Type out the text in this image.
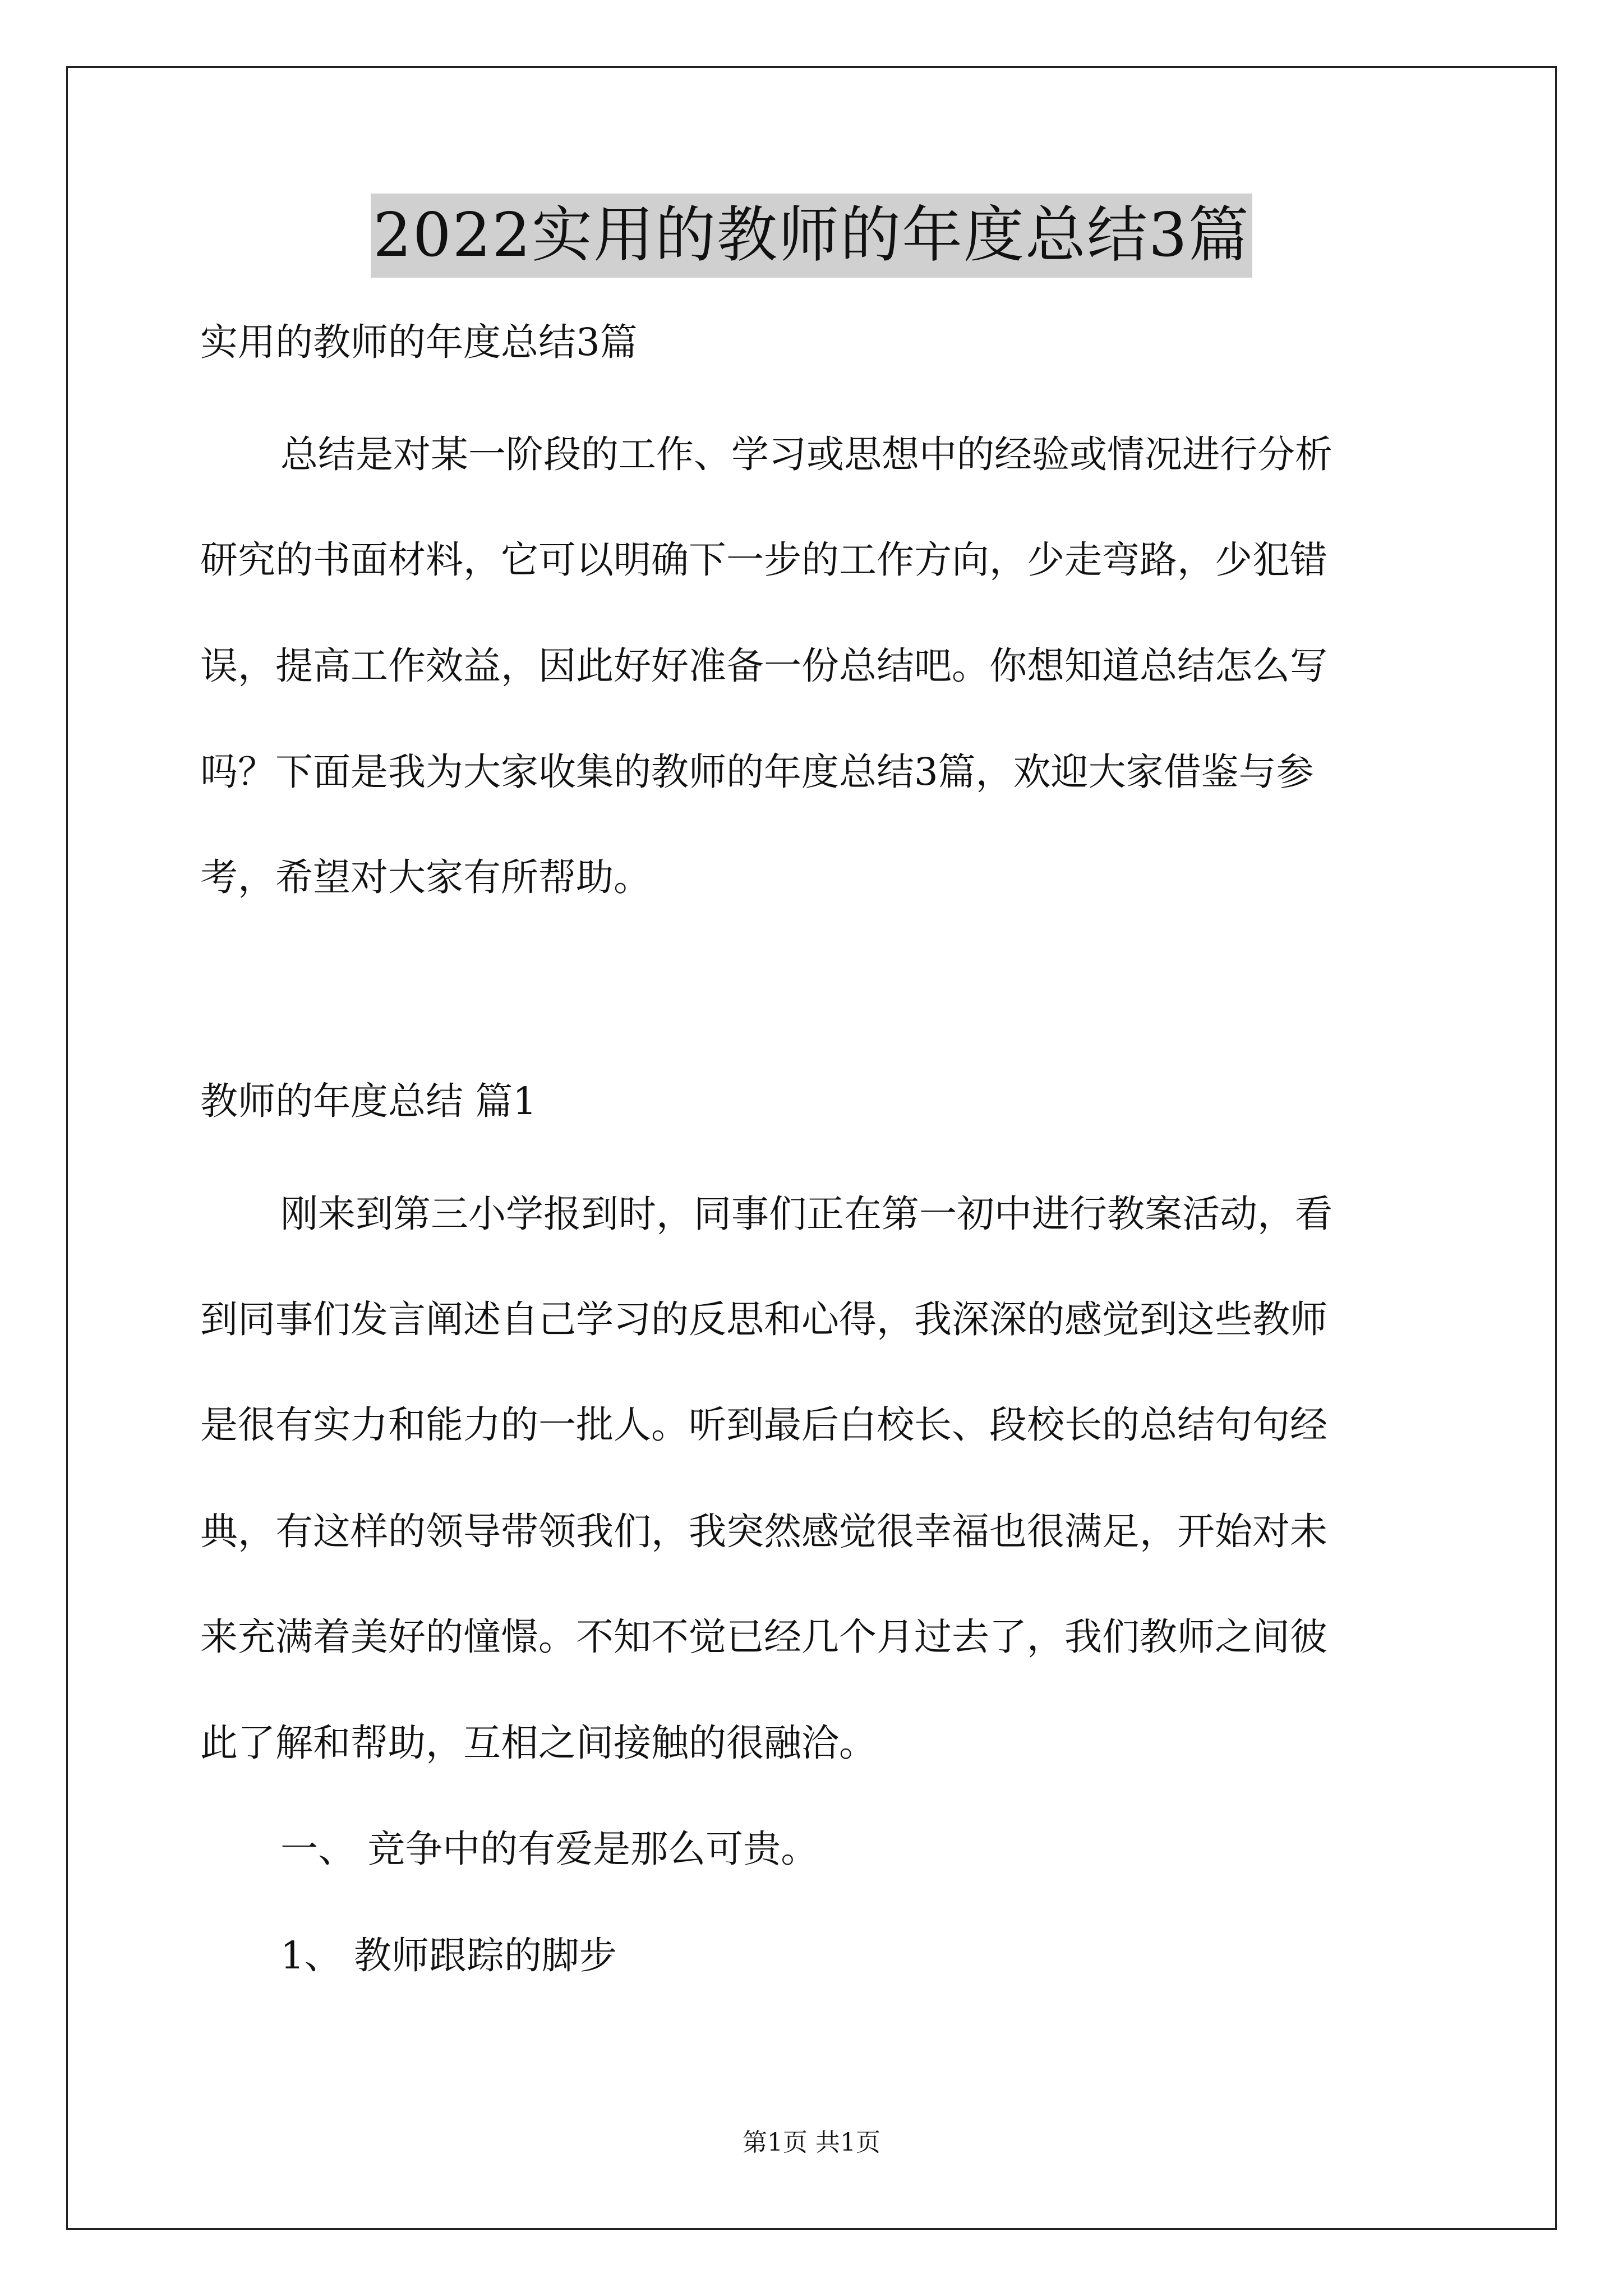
2022实用的教师的年度总结3篇
实用的教师的年度总结3篇
总结是对某一阶段的工作、学习或思想中的经验或情况进行分析
研究的书面材料，它可以明确下一步的工作方向，少走弯路，少犯错
误，提高工作效益，因此好好准备一份总结吧。你想知道总结怎么写
吗？下面是我为大家收集的教师的年度总结3篇，欢迎大家借鉴与参
考，希望对大家有所帮助。
教师的年度总结 篇1
刚来到第三小学报到时，同事们正在第一初中进行教案活动，看
到同事们发言阐述自己学习的反思和心得，我深深的感觉到这些教师
是很有实力和能力的一批人。听到最后白校长、段校长的总结句句经
典，有这样的领导带领我们，我突然感觉很幸福也很满足，开始对未
来充满着美好的憧憬。不知不觉已经几个月过去了，我们教师之间彼
此了解和帮助，互相之间接触的很融洽。
一、 竞争中的有爱是那么可贵。
1、 教师跟踪的脚步
第1页 共1页
